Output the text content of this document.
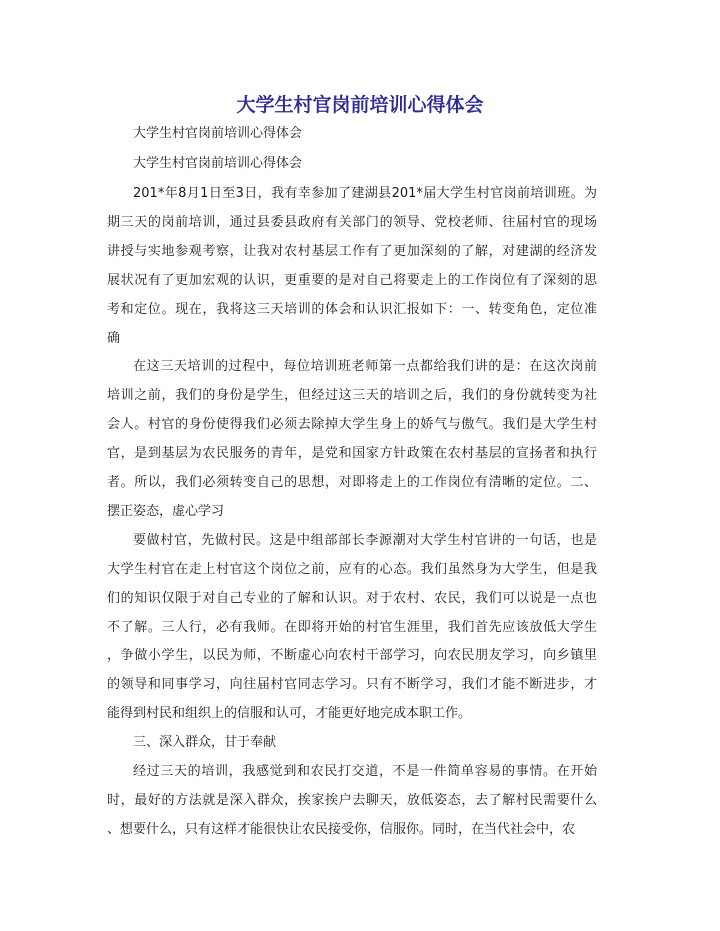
大学生村官岗前培训心得体会
大学生村官岗前培训心得体会
大学生村官岗前培训心得体会
201*年8月1日至3日，我有幸参加了建湖县201*届大学生村官岗前培训班。为
期三天的岗前培训，通过县委县政府有关部门的领导、党校老师、往届村官的现场
讲授与实地参观考察，让我对农村基层工作有了更加深刻的了解，对建湖的经济发
展状况有了更加宏观的认识，更重要的是对自己将要走上的工作岗位有了深刻的思
考和定位。现在，我将这三天培训的体会和认识汇报如下：一、转变角色，定位准
确
在这三天培训的过程中，每位培训班老师第一点都给我们讲的是：在这次岗前
培训之前，我们的身份是学生，但经过这三天的培训之后，我们的身份就转变为社
会人。村官的身份使得我们必须去除掉大学生身上的娇气与傲气。我们是大学生村
官，是到基层为农民服务的青年，是党和国家方针政策在农村基层的宣扬者和执行
者。所以，我们必须转变自己的思想，对即将走上的工作岗位有清晰的定位。二、
摆正姿态，虚心学习
要做村官，先做村民。这是中组部部长李源潮对大学生村官讲的一句话，也是
大学生村官在走上村官这个岗位之前，应有的心态。我们虽然身为大学生，但是我
们的知识仅限于对自己专业的了解和认识。对于农村、农民，我们可以说是一点也
不了解。三人行，必有我师。在即将开始的村官生涯里，我们首先应该放低大学生
，争做小学生，以民为师，不断虚心向农村干部学习，向农民朋友学习，向乡镇里
的领导和同事学习，向往届村官同志学习。只有不断学习，我们才能不断进步，才
能得到村民和组织上的信服和认可，才能更好地完成本职工作。
三、深入群众，甘于奉献
经过三天的培训，我感觉到和农民打交道，不是一件简单容易的事情。在开始
时，最好的方法就是深入群众，挨家挨户去聊天，放低姿态，去了解村民需要什么
、想要什么，只有这样才能很快让农民接受你，信服你。同时，在当代社会中，农
